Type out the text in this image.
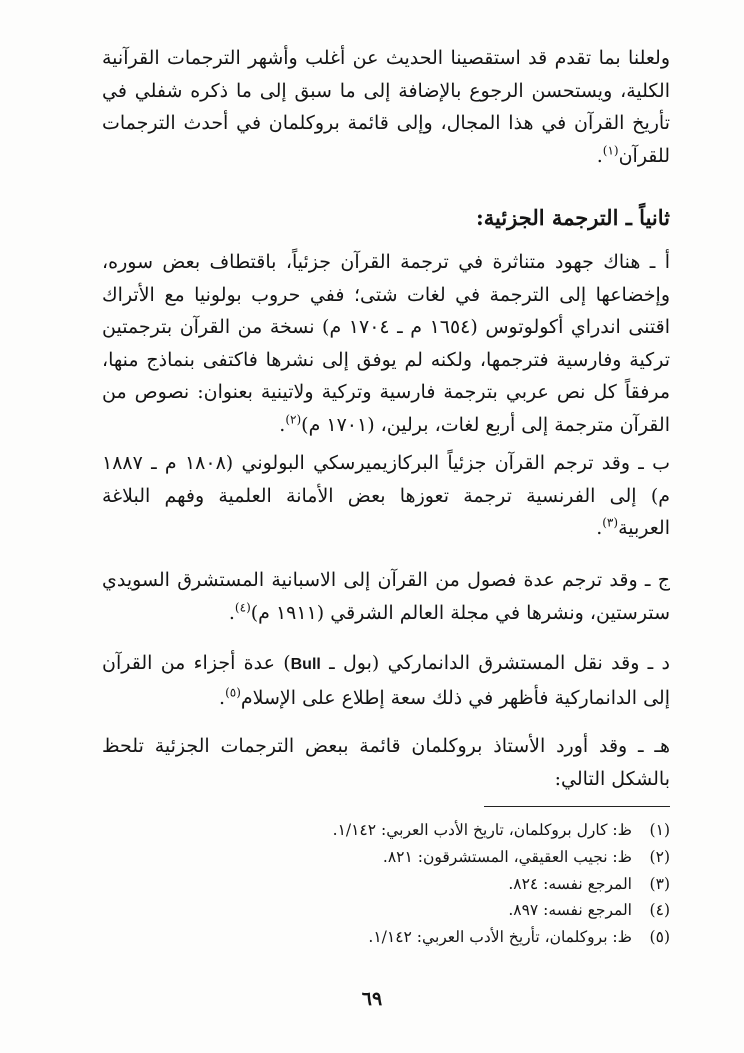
ولعلنا بما تقدم قد استقصينا الحديث عن أغلب وأشهر الترجمات القرآنية الكلية، ويستحسن الرجوع بالإضافة إلى ما سبق إلى ما ذكره شفلي في تأريخ القرآن في هذا المجال، وإلى قائمة بروكلمان في أحدث الترجمات للقرآن$^{(١)}$.

ثانياً ـ الترجمة الجزئية:

أ ـ هناك جهود متناثرة في ترجمة القرآن جزئياً، باقتطاف بعض سوره، وإخضاعها إلى الترجمة في لغات شتى؛ ففي حروب بولونيا مع الأتراك اقتنى اندراي أكولوتوس (١٦٥٤ م ـ ١٧٠٤ م) نسخة من القرآن بترجمتين تركية وفارسية فترجمها، ولكنه لم يوفق إلى نشرها فاكتفى بنماذج منها، مرفقاً كل نص عربي بترجمة فارسية وتركية ولاتينية بعنوان: نصوص من القرآن مترجمة إلى أربع لغات، برلين، (١٧٠١ م)$^{(٢)}$.

ب ـ وقد ترجم القرآن جزئياً البركازيميرسكي البولوني (١٨٠٨ م ـ ١٨٨٧ م) إلى الفرنسية ترجمة تعوزها بعض الأمانة العلمية وفهم البلاغة العربية$^{(٣)}$.

ج ـ وقد ترجم عدة فصول من القرآن إلى الاسبانية المستشرق السويدي سترستين، ونشرها في مجلة العالم الشرقي (١٩١١ م)$^{(٤)}$.

د ـ وقد نقل المستشرق الدانماركي (بول ـ Bull) عدة أجزاء من القرآن إلى الدانماركية فأظهر في ذلك سعة إطلاع على الإسلام$^{(٥)}$.

هـ ـ وقد أورد الأستاذ بروكلمان قائمة ببعض الترجمات الجزئية تلحظ بالشكل التالي:

(١)ظ: كارل بروكلمان، تاريخ الأدب العربي: ١/١٤٢.
(٢)ظ: نجيب العقيقي، المستشرقون: ٨٢١.
(٣)المرجع نفسه: ٨٢٤.
(٤)المرجع نفسه: ٨٩٧.
(٥)ظ: بروكلمان، تأريخ الأدب العربي: ١/١٤٢.
٦٩
